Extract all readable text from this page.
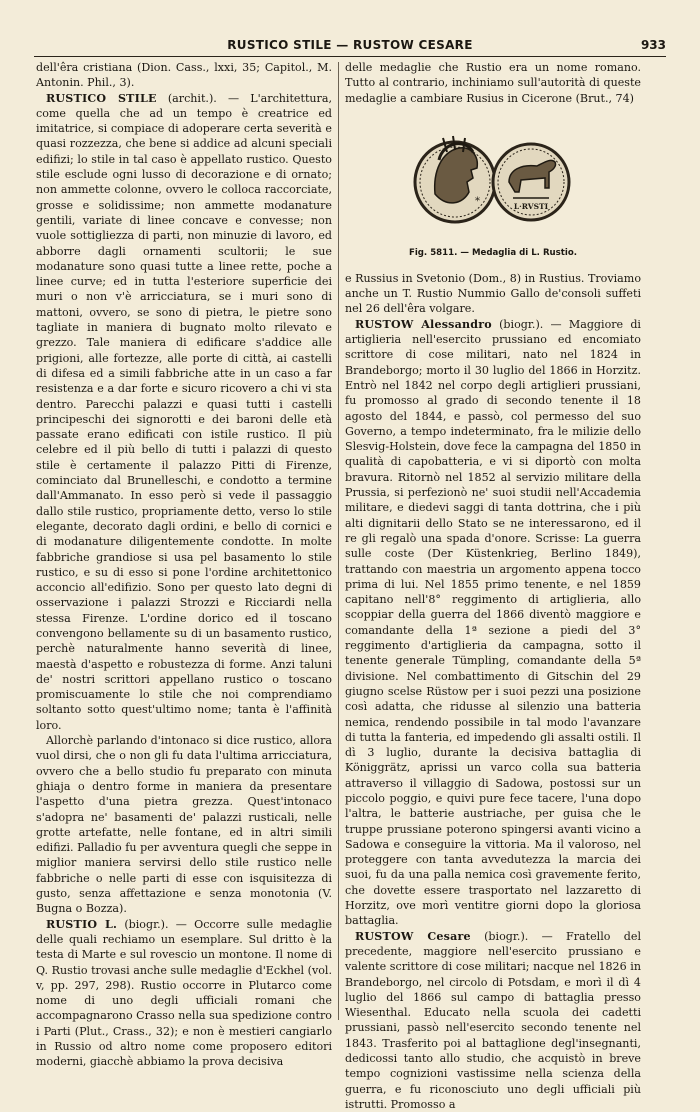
RUSTICO STILE — RUSTOW CESARE	933

dell'êra cristiana (Dion. Cass., lxxi, 35; Capitol., M. Antonin. Phil., 3).

RUSTICO STILE (archit.). — L'architettura, come quella che ad un tempo è creatrice ed imitatrice, si compiace di adoperare certa severità e quasi rozzezza, che bene si addice ad alcuni speciali edifizi; lo stile in tal caso è appellato rustico. Questo stile esclude ogni lusso di decorazione e di ornato; non ammette colonne, ovvero le colloca raccorciate, grosse e solidissime; non ammette modanature gentili, variate di linee concave e convesse; non vuole sottigliezza di parti, non minuzie di lavoro, ed abborre dagli ornamenti scultorii; le sue modanature sono quasi tutte a linee rette, poche a linee curve; ed in tutta l'esteriore superficie dei muri o non v'è arricciatura, se i muri sono di mattoni, ovvero, se sono di pietra, le pietre sono tagliate in maniera di bugnato molto rilevato e grezzo. Tale maniera di edificare s'addice alle prigioni, alle fortezze, alle porte di città, ai castelli di difesa ed a simili fabbriche atte in un caso a far resistenza e a dar forte e sicuro ricovero a chi vi sta dentro. Parecchi palazzi e quasi tutti i castelli principeschi dei signorotti e dei baroni delle età passate erano edificati con istile rustico. Il più celebre ed il più bello di tutti i palazzi di questo stile è certamente il palazzo Pitti di Firenze, cominciato dal Brunelleschi, e condotto a termine dall'Ammanato. In esso però si vede il passaggio dallo stile rustico, propriamente detto, verso lo stile elegante, decorato dagli ordini, e bello di cornici e di modanature diligentemente condotte. In molte fabbriche grandiose si usa pel basamento lo stile rustico, e su di esso si pone l'ordine architettonico acconcio all'edifizio. Sono per questo lato degni di osservazione i palazzi Strozzi e Ricciardi nella stessa Firenze. L'ordine dorico ed il toscano convengono bellamente su di un basamento rustico, perchè naturalmente hanno severità di linee, maestà d'aspetto e robustezza di forme. Anzi taluni de' nostri scrittori appellano rustico o toscano promiscuamente lo stile che noi comprendiamo soltanto sotto quest'ultimo nome; tanta è l'affinità loro.

Allorchè parlando d'intonaco si dice rustico, allora vuol dirsi, che o non gli fu data l'ultima arricciatura, ovvero che a bello studio fu preparato con minuta ghiaja o dentro forme in maniera da presentare l'aspetto d'una pietra grezza. Quest'intonaco s'adopra ne' basamenti de' palazzi rusticali, nelle grotte artefatte, nelle fontane, ed in altri simili edifizi. Palladio fu per avventura quegli che seppe in miglior maniera servirsi dello stile rustico nelle fabbriche o nelle parti di esse con isquisitezza di gusto, senza affettazione e senza monotonia (V. Bugna o Bozza).

RUSTIO L. (biogr.). — Occorre sulle medaglie delle quali rechiamo un esemplare. Sul dritto è la testa di Marte e sul rovescio un montone. Il nome di Q. Rustio trovasi anche sulle medaglie d'Eckhel (vol. v, pp. 297, 298). Rustio occorre in Plutarco come nome di uno degli ufficiali romani che accompagnarono Crasso nella sua spedizione contro i Parti (Plut., Crass., 32); e non è mestieri cangiarlo in Russio od altro nome come proposero editori moderni, giacchè abbiamo la prova decisiva

delle medaglie che Rustio era un nome romano. Tutto al contrario, inchiniamo sull'autorità di queste medaglie a cambiare Rusius in Cicerone (Brut., 74)

*	L·RVSTI
Fig. 5811. — Medaglia di L. Rustio.

e Russius in Svetonio (Dom., 8) in Rustius. Troviamo anche un T. Rustio Nummio Gallo de'consoli suffeti nel 26 dell'êra volgare.

RUSTOW Alessandro (biogr.). — Maggiore di artiglieria nell'esercito prussiano ed encomiato scrittore di cose militari, nato nel 1824 in Brandeborgo; morto il 30 luglio del 1866 in Horzitz. Entrò nel 1842 nel corpo degli artiglieri prussiani, fu promosso al grado di secondo tenente il 18 agosto del 1844, e passò, col permesso del suo Governo, a tempo indeterminato, fra le milizie dello Slesvig-Holstein, dove fece la campagna del 1850 in qualità di capobatteria, e vi si diportò con molta bravura. Ritornò nel 1852 al servizio militare della Prussia, si perfezionò ne' suoi studii nell'Accademia militare, e diedevi saggi di tanta dottrina, che i più alti dignitarii dello Stato se ne interessarono, ed il re gli regalò una spada d'onore. Scrisse: La guerra sulle coste (Der Küstenkrieg, Berlino 1849), trattando con maestria un argomento appena tocco prima di lui. Nel 1855 primo tenente, e nel 1859 capitano nell'8° reggimento di artiglieria, allo scoppiar della guerra del 1866 diventò maggiore e comandante della 1ª sezione a piedi del 3° reggimento d'artiglieria da campagna, sotto il tenente generale Tümpling, comandante della 5ª divisione. Nel combattimento di Gitschin del 29 giugno scelse Rüstow per i suoi pezzi una posizione così adatta, che ridusse al silenzio una batteria nemica, rendendo possibile in tal modo l'avanzare di tutta la fanteria, ed impedendo gli assalti ostili. Il dì 3 luglio, durante la decisiva battaglia di Königgrätz, aprissi un varco colla sua batteria attraverso il villaggio di Sadowa, postossi sur un piccolo poggio, e quivi pure fece tacere, l'una dopo l'altra, le batterie austriache, per guisa che le truppe prussiane poterono spingersi avanti vicino a Sadowa e conseguire la vittoria. Ma il valoroso, nel proteggere con tanta avvedutezza la marcia dei suoi, fu da una palla nemica così gravemente ferito, che dovette essere trasportato nel lazzaretto di Horzitz, ove morì ventitre giorni dopo la gloriosa battaglia.

RUSTOW Cesare (biogr.). — Fratello del precedente, maggiore nell'esercito prussiano e valente scrittore di cose militari; nacque nel 1826 in Brandeborgo, nel circolo di Potsdam, e morì il dì 4 luglio del 1866 sul campo di battaglia presso Wiesenthal. Educato nella scuola dei cadetti prussiani, passò nell'esercito secondo tenente nel 1843. Trasferito poi al battaglione degl'insegnanti, dedicossi tanto allo studio, che acquistò in breve tempo cognizioni vastissime nella scienza della guerra, e fu riconosciuto uno degli ufficiali più istrutti. Promosso a
